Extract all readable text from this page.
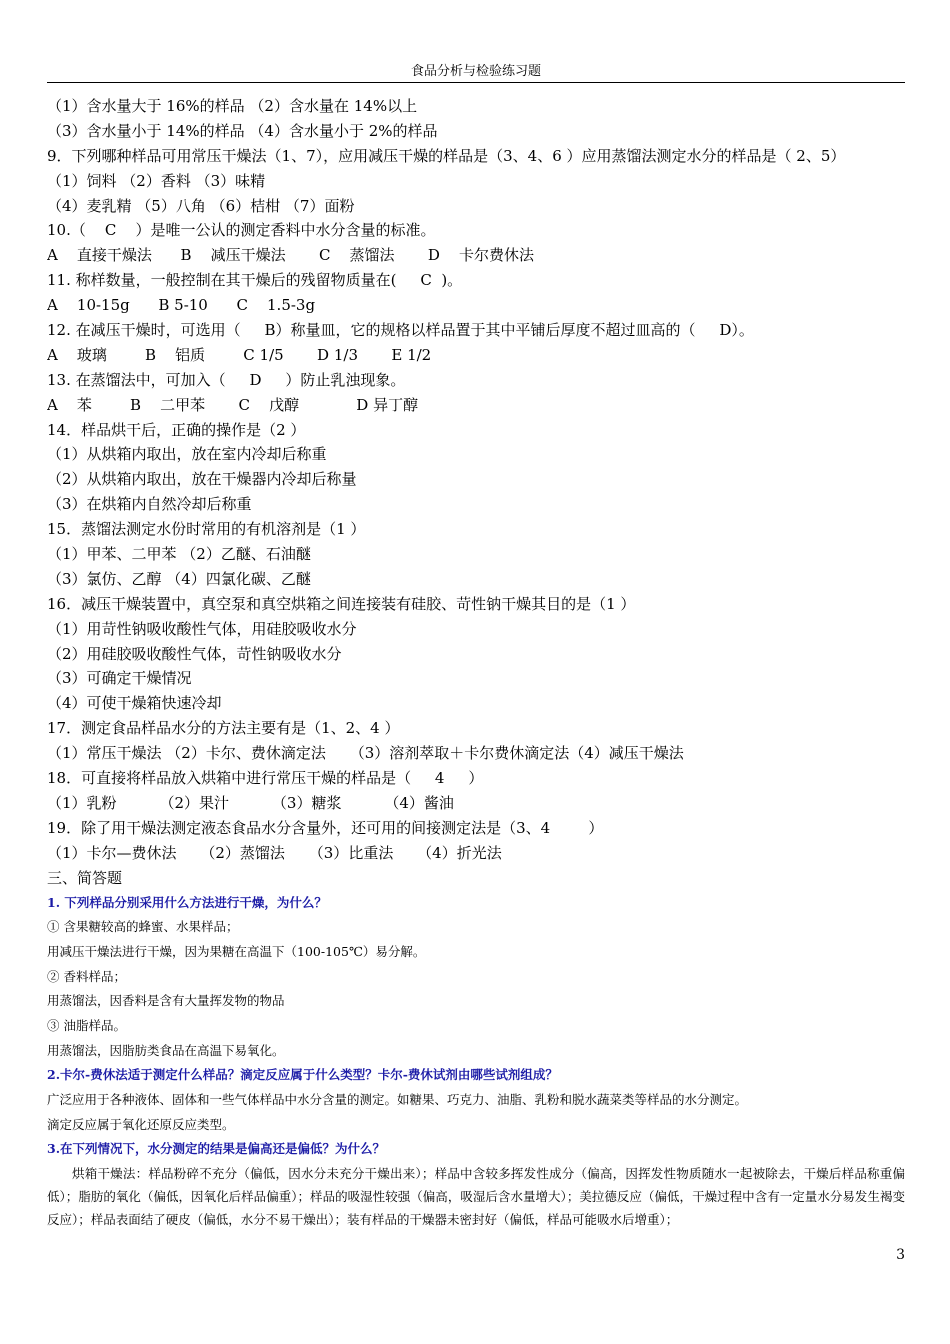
食品分析与检验练习题
（1）含水量大于 16%的样品 （2）含水量在 14%以上
（3）含水量小于 14%的样品 （4）含水量小于 2%的样品
9．下列哪种样品可用常压干燥法（1、7），应用减压干燥的样品是（3、4、6 ）应用蒸馏法测定水分的样品是（ 2、5）
（1）饲料 （2）香料 （3）味精
（4）麦乳精 （5）八角 （6）桔柑 （7）面粉
10.（    C    ）是唯一公认的测定香料中水分含量的标准。
A    直接干燥法      B    减压干燥法       C    蒸馏法       D    卡尔费休法
11. 称样数量，一般控制在其干燥后的残留物质量在(     C  )。
A    10-15g      B 5-10      C    1.5-3g
12. 在减压干燥时，可选用（     B）称量皿，它的规格以样品置于其中平铺后厚度不超过皿高的（     D）。
A    玻璃        B    铝质        C 1/5       D 1/3       E 1/2
13. 在蒸馏法中，可加入（     D     ）防止乳浊现象。
A    苯        B    二甲苯       C    戊醇            D 异丁醇
14．样品烘干后，正确的操作是（2 ）
（1）从烘箱内取出，放在室内冷却后称重
（2）从烘箱内取出，放在干燥器内冷却后称量
（3）在烘箱内自然冷却后称重
15．蒸馏法测定水份时常用的有机溶剂是（1 ）
（1）甲苯、二甲苯 （2）乙醚、石油醚
（3）氯仿、乙醇 （4）四氯化碳、乙醚
16．减压干燥装置中，真空泵和真空烘箱之间连接装有硅胶、苛性钠干燥其目的是（1 ）
（1）用苛性钠吸收酸性气体，用硅胶吸收水分
（2）用硅胶吸收酸性气体，苛性钠吸收水分
（3）可确定干燥情况
（4）可使干燥箱快速冷却
17．测定食品样品水分的方法主要有是（1、2、4 ）
（1）常压干燥法 （2）卡尔、费休滴定法     （3）溶剂萃取＋卡尔费休滴定法（4）减压干燥法
18．可直接将样品放入烘箱中进行常压干燥的样品是（     4     ）
（1）乳粉         （2）果汁         （3）糖浆         （4）酱油
19．除了用干燥法测定液态食品水分含量外，还可用的间接测定法是（3、4        ）
（1）卡尔—费休法     （2）蒸馏法     （3）比重法     （4）折光法
三、简答题
1. 下列样品分别采用什么方法进行干燥，为什么？
① 含果糖较高的蜂蜜、水果样品；
用减压干燥法进行干燥，因为果糖在高温下（100-105℃）易分解。
② 香料样品；
用蒸馏法，因香料是含有大量挥发物的物品
③ 油脂样品。
用蒸馏法，因脂肪类食品在高温下易氧化。
2.卡尔-费休法适于测定什么样品？滴定反应属于什么类型？卡尔-费休试剂由哪些试剂组成？
广泛应用于各种液体、固体和一些气体样品中水分含量的测定。如糖果、巧克力、油脂、乳粉和脱水蔬菜类等样品的水分测定。
滴定反应属于氧化还原反应类型。
3.在下列情况下，水分测定的结果是偏高还是偏低？为什么？

烘箱干燥法：样品粉碎不充分（偏低，因水分未充分干燥出来）；样品中含较多挥发性成分（偏高，因挥发性物质随水一起被除去，干燥后样品称重偏低）；脂肪的氧化（偏低，因氧化后样品偏重）；样品的吸湿性较强（偏高，吸湿后含水量增大）；美拉德反应（偏低，干燥过程中含有一定量水分易发生褐变反应）；样品表面结了硬皮（偏低，水分不易干燥出）；装有样品的干燥器未密封好（偏低，样品可能吸水后增重）；

3
